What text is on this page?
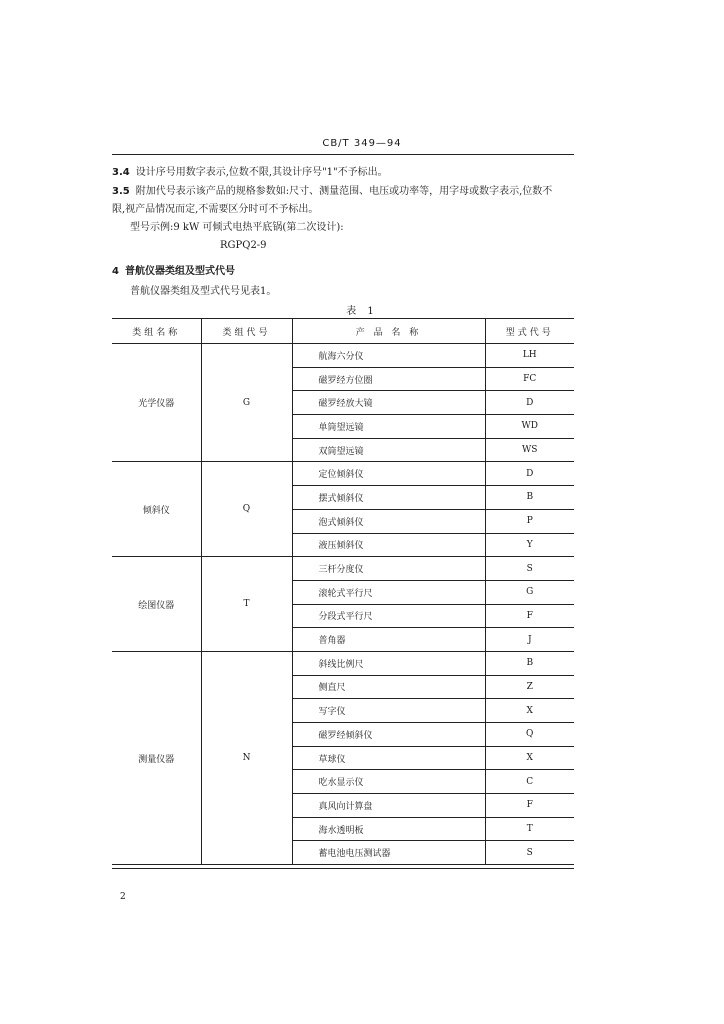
CB/T 349—94
3.4 设计序号用数字表示,位数不限,其设计序号"1"不予标出。
3.5 附加代号表示该产品的规格参数如:尺寸、测量范围、电压或功率等，用字母或数字表示,位数不
限,视产品情况而定,不需要区分时可不予标出。
型号示例:9 kW 可倾式电热平底锅(第二次设计):
RGPQ2-9
4 普航仪器类组及型式代号
普航仪器类组及型式代号见表1。
表 1
类组名称	类组代号	产 品 名 称	型式代号
光学仪器	G	航海六分仪	LH
		磁罗经方位圈	FC
		磁罗经放大镜	D
		单筒望远镜	WD
		双筒望远镜	WS
倾斜仪	Q	定位倾斜仪	D
		摆式倾斜仪	B
		泡式倾斜仪	P
		液压倾斜仪	Y
绘图仪器	T	三杆分度仪	S
		滚轮式平行尺	G
		分段式平行尺	F
		普角器	J
测量仪器	N	斜线比例尺	B
		侧直尺	Z
		写字仪	X
		磁罗经倾斜仪	Q
		草球仪	X
		吃水显示仪	C
		真风向计算盘	F
		海水透明板	T
		蓄电池电压测试器	S
2
